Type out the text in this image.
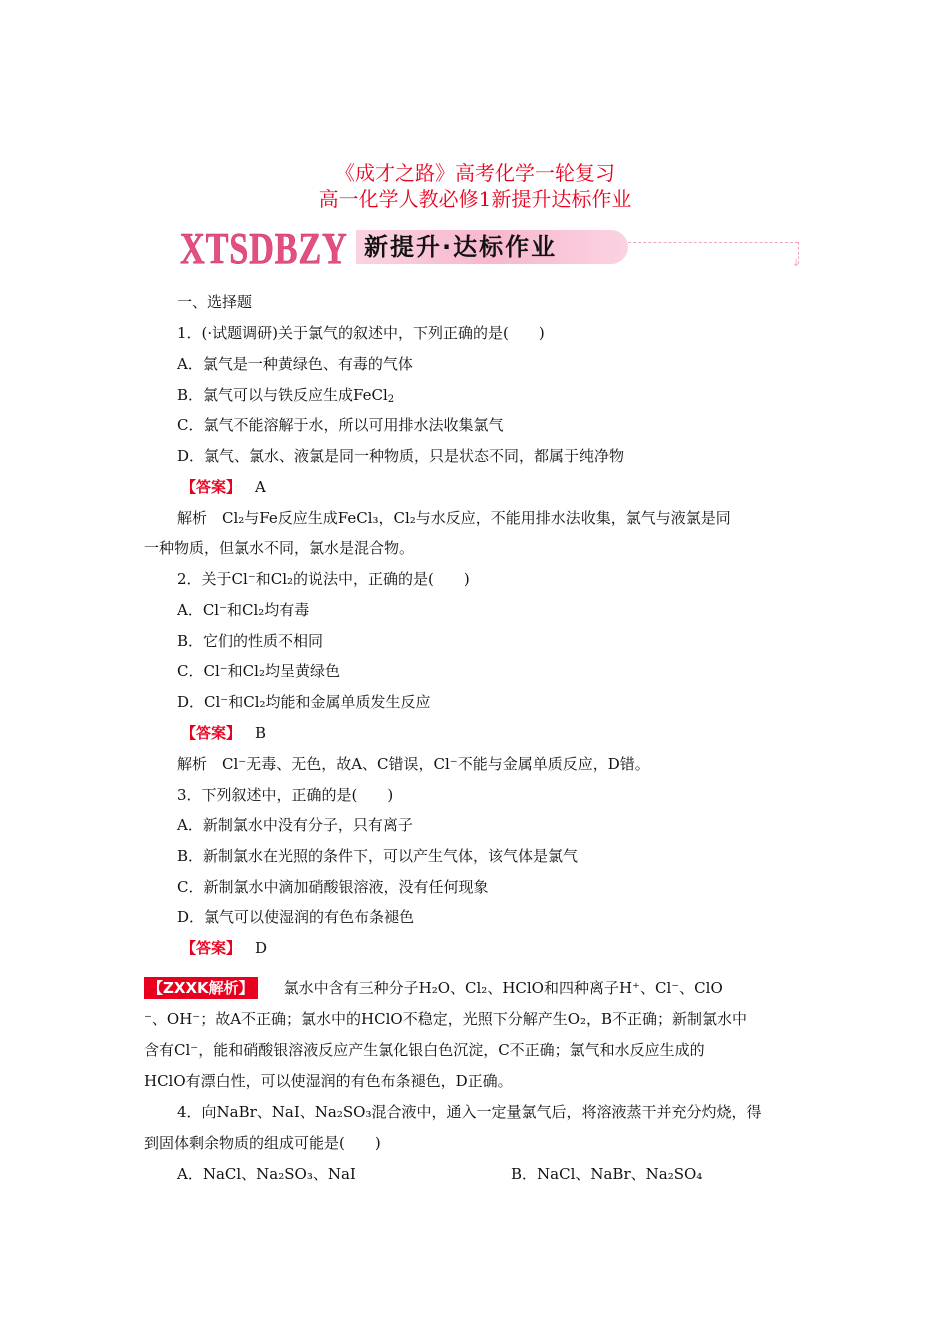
《成才之路》高考化学一轮复习
高一化学人教必修1新提升达标作业
XTSDBZY 新提升·达标作业
↓
一、选择题
1．(·试题调研)关于氯气的叙述中，下列正确的是(　　)
A．氯气是一种黄绿色、有毒的气体
B．氯气可以与铁反应生成FeCl$_2$
C．氯气不能溶解于水，所以可用排水法收集氯气
D．氯气、氯水、液氯是同一种物质，只是状态不同，都属于纯净物
【答案】 A
解析　Cl₂与Fe反应生成FeCl₃，Cl₂与水反应，不能用排水法收集，氯气与液氯是同
一种物质，但氯水不同，氯水是混合物。
2．关于Cl⁻和Cl₂的说法中，正确的是(　　)
A．Cl⁻和Cl₂均有毒
B．它们的性质不相同
C．Cl⁻和Cl₂均呈黄绿色
D．Cl⁻和Cl₂均能和金属单质发生反应
【答案】 B
解析　Cl⁻无毒、无色，故A、C错误，Cl⁻不能与金属单质反应，D错。
3．下列叙述中，正确的是(　　)
A．新制氯水中没有分子，只有离子
B．新制氯水在光照的条件下，可以产生气体，该气体是氯气
C．新制氯水中滴加硝酸银溶液，没有任何现象
D．氯气可以使湿润的有色布条褪色
【答案】 D
【ZXXK解析】 氯水中含有三种分子H₂O、Cl₂、HClO和四种离子H⁺、Cl⁻、ClO
⁻、OH⁻；故A不正确；氯水中的HClO不稳定，光照下分解产生O₂，B不正确；新制氯水中
含有Cl⁻，能和硝酸银溶液反应产生氯化银白色沉淀，C不正确；氯气和水反应生成的
HClO有漂白性，可以使湿润的有色布条褪色，D正确。
4．向NaBr、NaI、Na₂SO₃混合液中，通入一定量氯气后，将溶液蒸干并充分灼烧，得
到固体剩余物质的组成可能是(　　)
A．NaCl、Na₂SO₃、NaI	B．NaCl、NaBr、Na₂SO₄
